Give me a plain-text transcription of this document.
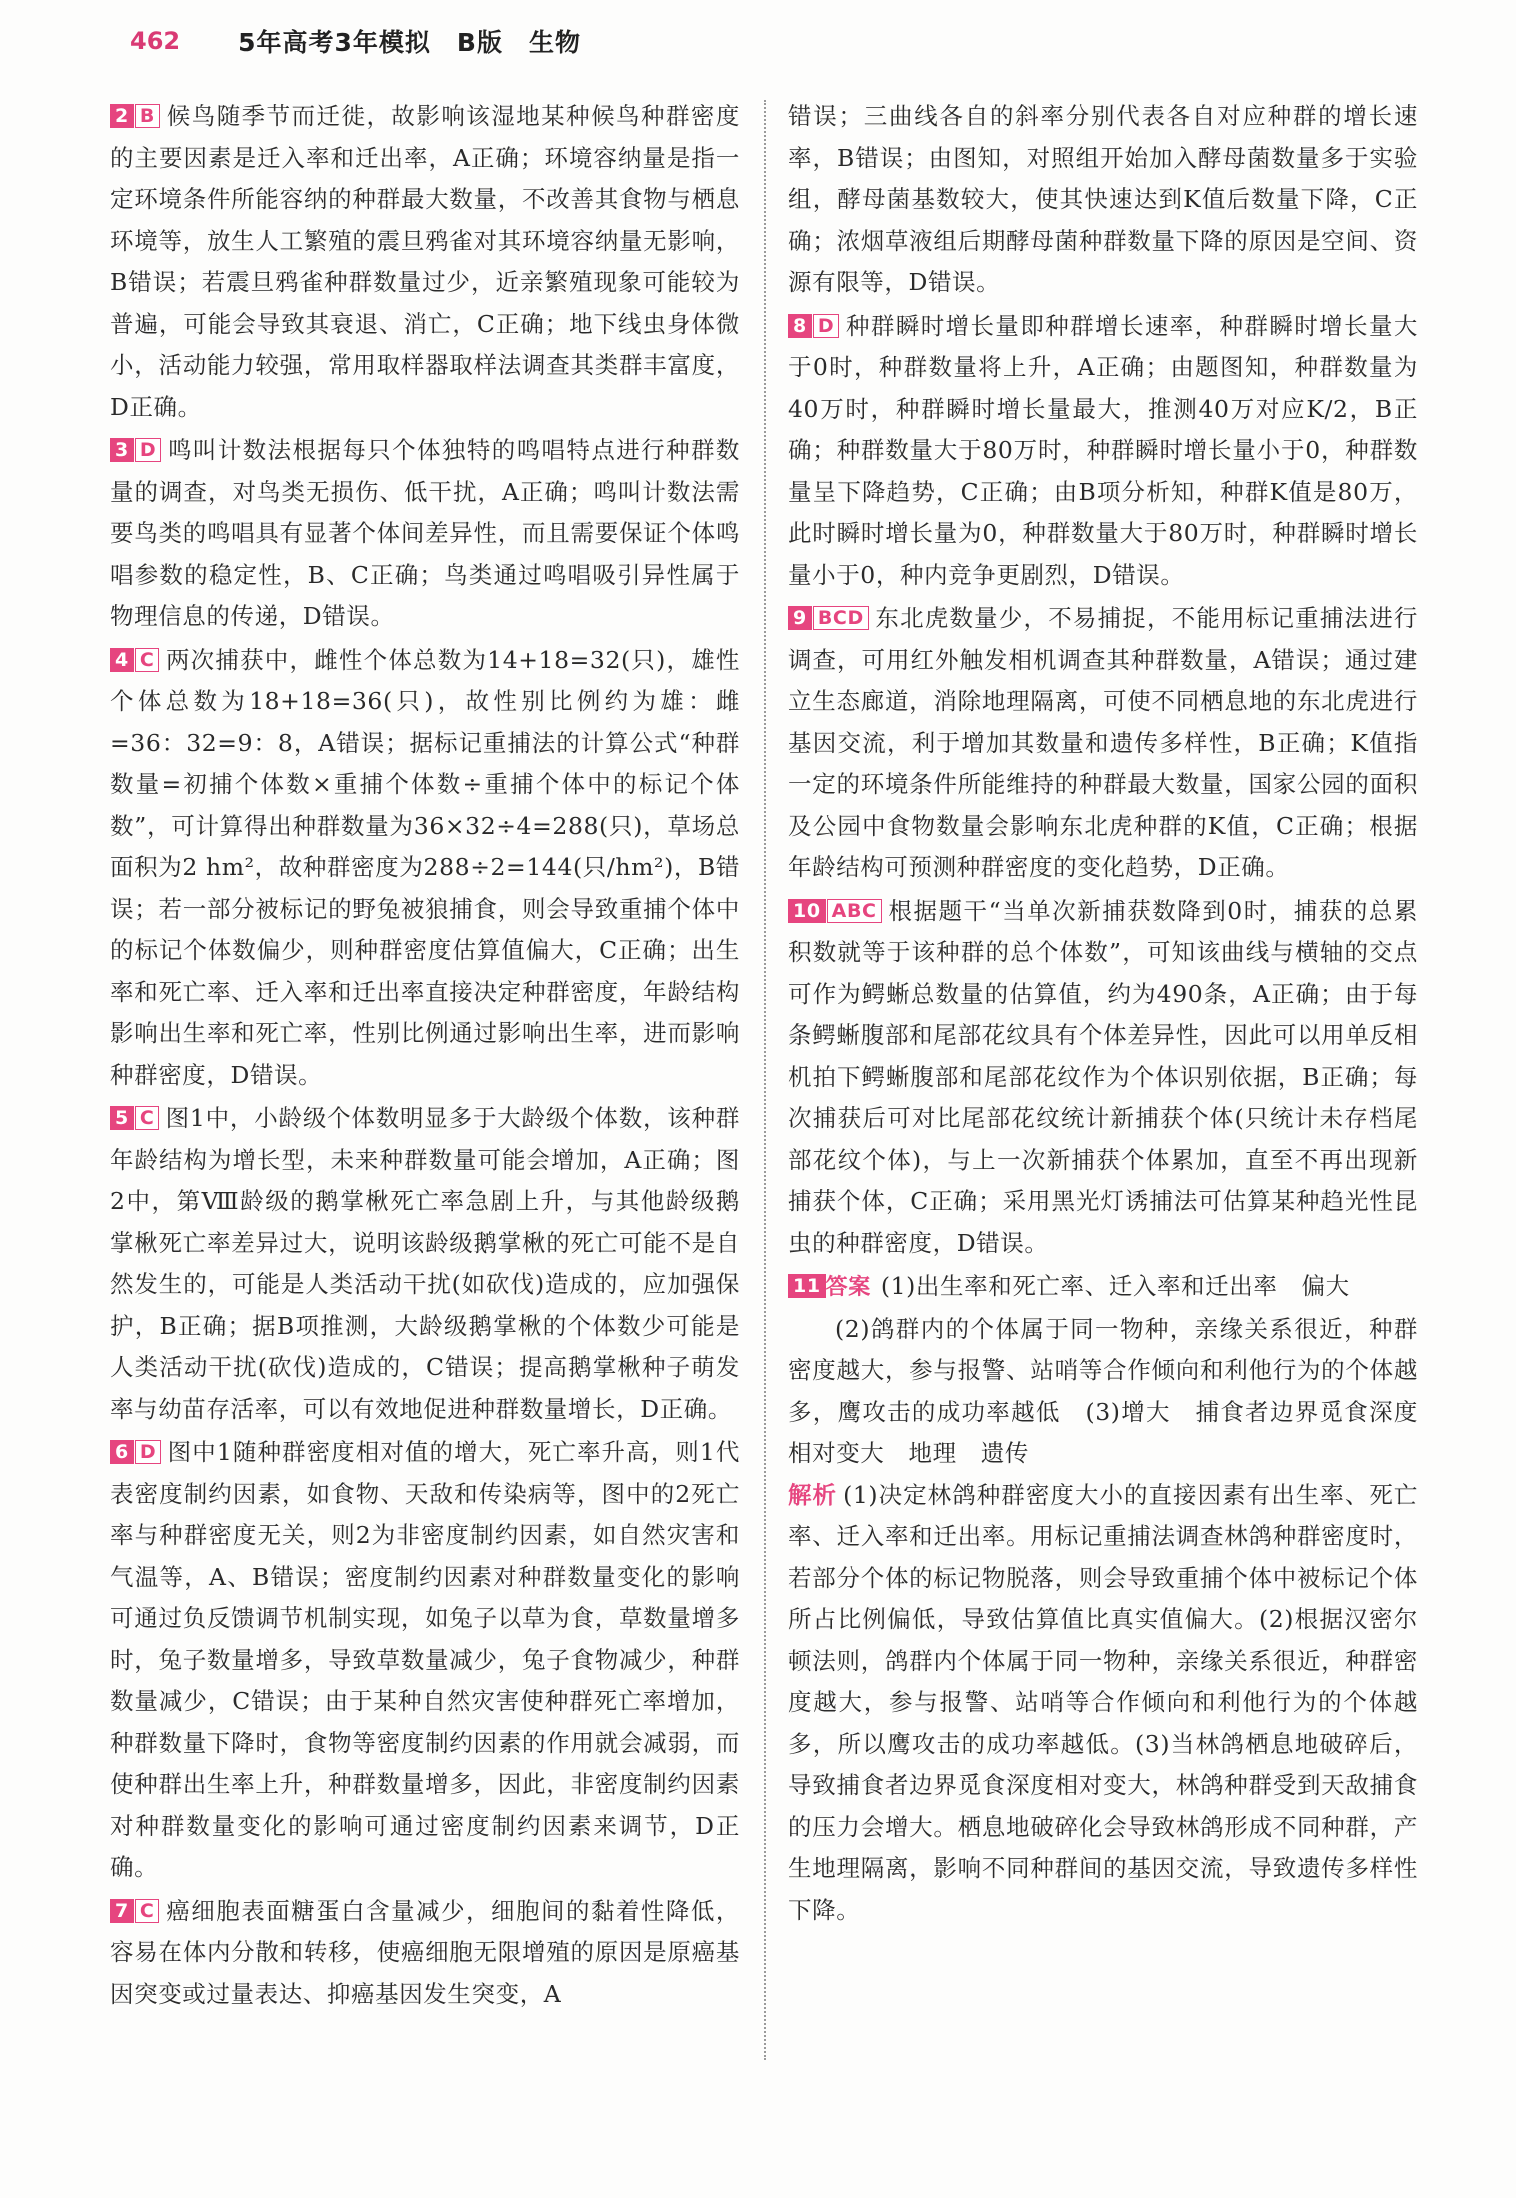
462 5年高考3年模拟　B版　生物
2 B 候鸟随季节而迁徙，故影响该湿地某种候鸟种群密度的主要因素是迁入率和迁出率，A正确；环境容纳量是指一定环境条件所能容纳的种群最大数量，不改善其食物与栖息环境等，放生人工繁殖的震旦鸦雀对其环境容纳量无影响，B错误；若震旦鸦雀种群数量过少，近亲繁殖现象可能较为普遍，可能会导致其衰退、消亡，C正确；地下线虫身体微小，活动能力较强，常用取样器取样法调查其类群丰富度，D正确。
3 D 鸣叫计数法根据每只个体独特的鸣唱特点进行种群数量的调查，对鸟类无损伤、低干扰，A正确；鸣叫计数法需要鸟类的鸣唱具有显著个体间差异性，而且需要保证个体鸣唱参数的稳定性，B、C正确；鸟类通过鸣唱吸引异性属于物理信息的传递，D错误。
4 C 两次捕获中，雌性个体总数为14+18=32(只)，雄性个体总数为18+18=36(只)，故性别比例约为雄：雌=36：32=9：8，A错误；据标记重捕法的计算公式“种群数量=初捕个体数×重捕个体数÷重捕个体中的标记个体数”，可计算得出种群数量为36×32÷4=288(只)，草场总面积为2 hm²，故种群密度为288÷2=144(只/hm²)，B错误；若一部分被标记的野兔被狼捕食，则会导致重捕个体中的标记个体数偏少，则种群密度估算值偏大，C正确；出生率和死亡率、迁入率和迁出率直接决定种群密度，年龄结构影响出生率和死亡率，性别比例通过影响出生率，进而影响种群密度，D错误。
5 C 图1中，小龄级个体数明显多于大龄级个体数，该种群年龄结构为增长型，未来种群数量可能会增加，A正确；图2中，第Ⅷ龄级的鹅掌楸死亡率急剧上升，与其他龄级鹅掌楸死亡率差异过大，说明该龄级鹅掌楸的死亡可能不是自然发生的，可能是人类活动干扰(如砍伐)造成的，应加强保护，B正确；据B项推测，大龄级鹅掌楸的个体数少可能是人类活动干扰(砍伐)造成的，C错误；提高鹅掌楸种子萌发率与幼苗存活率，可以有效地促进种群数量增长，D正确。
6 D 图中1随种群密度相对值的增大，死亡率升高，则1代表密度制约因素，如食物、天敌和传染病等，图中的2死亡率与种群密度无关，则2为非密度制约因素，如自然灾害和气温等，A、B错误；密度制约因素对种群数量变化的影响可通过负反馈调节机制实现，如兔子以草为食，草数量增多时，兔子数量增多，导致草数量减少，兔子食物减少，种群数量减少，C错误；由于某种自然灾害使种群死亡率增加，种群数量下降时，食物等密度制约因素的作用就会减弱，而使种群出生率上升，种群数量增多，因此，非密度制约因素对种群数量变化的影响可通过密度制约因素来调节，D正确。
7 C 癌细胞表面糖蛋白含量减少，细胞间的黏着性降低，容易在体内分散和转移，使癌细胞无限增殖的原因是原癌基因突变或过量表达、抑癌基因发生突变，A
错误；三曲线各自的斜率分别代表各自对应种群的增长速率，B错误；由图知，对照组开始加入酵母菌数量多于实验组，酵母菌基数较大，使其快速达到K值后数量下降，C正确；浓烟草液组后期酵母菌种群数量下降的原因是空间、资源有限等，D错误。
8 D 种群瞬时增长量即种群增长速率，种群瞬时增长量大于0时，种群数量将上升，A正确；由题图知，种群数量为40万时，种群瞬时增长量最大，推测40万对应K/2，B正确；种群数量大于80万时，种群瞬时增长量小于0，种群数量呈下降趋势，C正确；由B项分析知，种群K值是80万，此时瞬时增长量为0，种群数量大于80万时，种群瞬时增长量小于0，种内竞争更剧烈，D错误。
9 BCD 东北虎数量少，不易捕捉，不能用标记重捕法进行调查，可用红外触发相机调查其种群数量，A错误；通过建立生态廊道，消除地理隔离，可使不同栖息地的东北虎进行基因交流，利于增加其数量和遗传多样性，B正确；K值指一定的环境条件所能维持的种群最大数量，国家公园的面积及公园中食物数量会影响东北虎种群的K值，C正确；根据年龄结构可预测种群密度的变化趋势，D正确。
10 ABC 根据题干“当单次新捕获数降到0时，捕获的总累积数就等于该种群的总个体数”，可知该曲线与横轴的交点可作为鳄蜥总数量的估算值，约为490条，A正确；由于每条鳄蜥腹部和尾部花纹具有个体差异性，因此可以用单反相机拍下鳄蜥腹部和尾部花纹作为个体识别依据，B正确；每次捕获后可对比尾部花纹统计新捕获个体(只统计未存档尾部花纹个体)，与上一次新捕获个体累加，直至不再出现新捕获个体，C正确；采用黑光灯诱捕法可估算某种趋光性昆虫的种群密度，D错误。
11 答案 (1)出生率和死亡率、迁入率和迁出率　偏大
(2)鸽群内的个体属于同一物种，亲缘关系很近，种群密度越大，参与报警、站哨等合作倾向和利他行为的个体越多，鹰攻击的成功率越低　(3)增大　捕食者边界觅食深度相对变大　地理　遗传
解析 (1)决定林鸽种群密度大小的直接因素有出生率、死亡率、迁入率和迁出率。用标记重捕法调查林鸽种群密度时，若部分个体的标记物脱落，则会导致重捕个体中被标记个体所占比例偏低，导致估算值比真实值偏大。(2)根据汉密尔顿法则，鸽群内个体属于同一物种，亲缘关系很近，种群密度越大，参与报警、站哨等合作倾向和利他行为的个体越多，所以鹰攻击的成功率越低。(3)当林鸽栖息地破碎后，导致捕食者边界觅食深度相对变大，林鸽种群受到天敌捕食的压力会增大。栖息地破碎化会导致林鸽形成不同种群，产生地理隔离，影响不同种群间的基因交流，导致遗传多样性下降。
